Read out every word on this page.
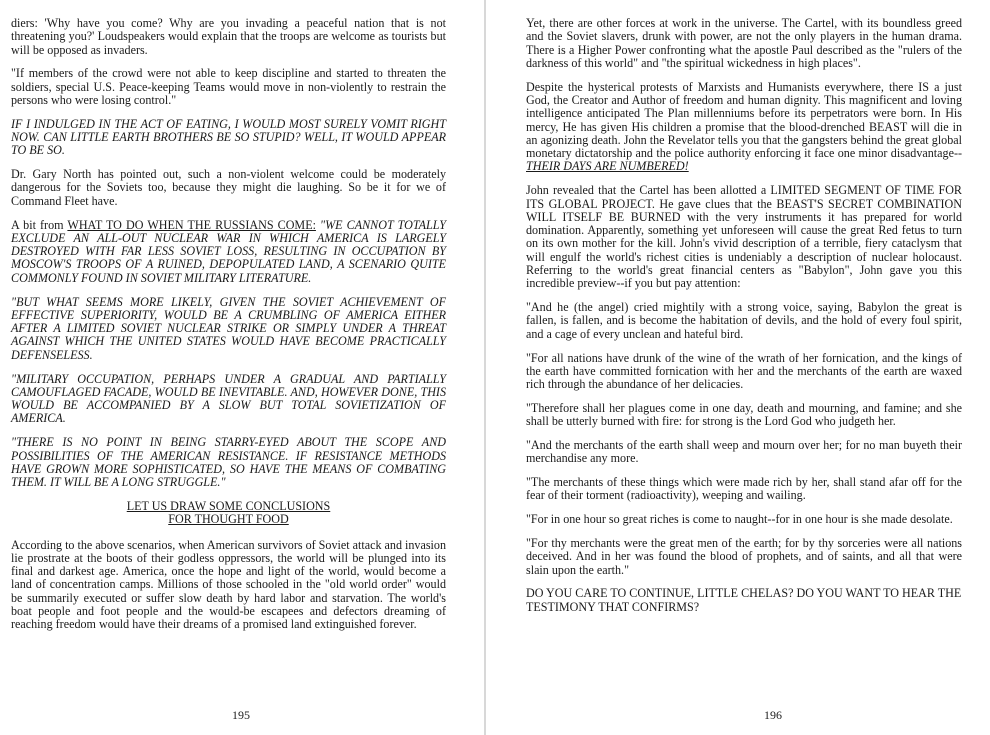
diers: 'Why have you come? Why are you invading a peaceful nation that is not threatening you?' Loudspeakers would explain that the troops are welcome as tourists but will be opposed as invaders.

"If members of the crowd were not able to keep discipline and started to threaten the soldiers, special U.S. Peace-keeping Teams would move in non-violently to restrain the persons who were losing control."

IF I INDULGED IN THE ACT OF EATING, I WOULD MOST SURELY VOMIT RIGHT NOW. CAN LITTLE EARTH BROTHERS BE SO STUPID? WELL, IT WOULD APPEAR TO BE SO.

Dr. Gary North has pointed out, such a non-violent welcome could be moderately dangerous for the Soviets too, because they might die laughing. So be it for we of Command Fleet have.

A bit from WHAT TO DO WHEN THE RUSSIANS COME: "WE CANNOT TOTALLY EXCLUDE AN ALL-OUT NUCLEAR WAR IN WHICH AMERICA IS LARGELY DESTROYED WITH FAR LESS SOVIET LOSS, RESULTING IN OCCUPATION BY MOSCOW'S TROOPS OF A RUINED, DEPOPULATED LAND, A SCENARIO QUITE COMMONLY FOUND IN SOVIET MILITARY LITERATURE.

"BUT WHAT SEEMS MORE LIKELY, GIVEN THE SOVIET ACHIEVEMENT OF EFFECTIVE SUPERIORITY, WOULD BE A CRUMBLING OF AMERICA EITHER AFTER A LIMITED SOVIET NUCLEAR STRIKE OR SIMPLY UNDER A THREAT AGAINST WHICH THE UNITED STATES WOULD HAVE BECOME PRACTICALLY DEFENSELESS.

"MILITARY OCCUPATION, PERHAPS UNDER A GRADUAL AND PARTIALLY CAMOUFLAGED FACADE, WOULD BE INEVITABLE. AND, HOWEVER DONE, THIS WOULD BE ACCOMPANIED BY A SLOW BUT TOTAL SOVIETIZATION OF AMERICA.

"THERE IS NO POINT IN BEING STARRY-EYED ABOUT THE SCOPE AND POSSIBILITIES OF THE AMERICAN RESISTANCE. IF RESISTANCE METHODS HAVE GROWN MORE SOPHISTICATED, SO HAVE THE MEANS OF COMBATING THEM. IT WILL BE A LONG STRUGGLE."

LET US DRAW SOME CONCLUSIONS
FOR THOUGHT FOOD

According to the above scenarios, when American survivors of Soviet attack and invasion lie prostrate at the boots of their godless oppressors, the world will be plunged into its final and darkest age. America, once the hope and light of the world, would become a land of concentration camps. Millions of those schooled in the "old world order" would be summarily executed or suffer slow death by hard labor and starvation. The world's boat people and foot people and the would-be escapees and defectors dreaming of reaching freedom would have their dreams of a promised land extinguished forever.

195

Yet, there are other forces at work in the universe. The Cartel, with its boundless greed and the Soviet slavers, drunk with power, are not the only players in the human drama. There is a Higher Power confronting what the apostle Paul described as the "rulers of the darkness of this world" and "the spiritual wickedness in high places".

Despite the hysterical protests of Marxists and Humanists everywhere, there IS a just God, the Creator and Author of freedom and human dignity. This magnificent and loving intelligence anticipated The Plan millenniums before its perpetrators were born. In His mercy, He has given His children a promise that the blood-drenched BEAST will die in an agonizing death. John the Revelator tells you that the gangsters behind the great global monetary dictatorship and the police authority enforcing it face one minor disadvantage--THEIR DAYS ARE NUMBERED!

John revealed that the Cartel has been allotted a LIMITED SEGMENT OF TIME FOR ITS GLOBAL PROJECT. He gave clues that the BEAST'S SECRET COMBINATION WILL ITSELF BE BURNED with the very instruments it has prepared for world domination. Apparently, something yet unforeseen will cause the great Red fetus to turn on its own mother for the kill. John's vivid description of a terrible, fiery cataclysm that will engulf the world's richest cities is undeniably a description of nuclear holocaust. Referring to the world's great financial centers as "Babylon", John gave you this incredible preview--if you but pay attention:

"And he (the angel) cried mightily with a strong voice, saying, Babylon the great is fallen, is fallen, and is become the habitation of devils, and the hold of every foul spirit, and a cage of every unclean and hateful bird.

"For all nations have drunk of the wine of the wrath of her fornication, and the kings of the earth have committed fornication with her and the merchants of the earth are waxed rich through the abundance of her delicacies.

"Therefore shall her plagues come in one day, death and mourning, and famine; and she shall be utterly burned with fire: for strong is the Lord God who judgeth her.

"And the merchants of the earth shall weep and mourn over her; for no man buyeth their merchandise any more.

"The merchants of these things which were made rich by her, shall stand afar off for the fear of their torment (radioactivity), weeping and wailing.

"For in one hour so great riches is come to naught--for in one hour is she made desolate.

"For thy merchants were the great men of the earth; for by thy sorceries were all nations deceived. And in her was found the blood of prophets, and of saints, and all that were slain upon the earth."

DO YOU CARE TO CONTINUE, LITTLE CHELAS? DO YOU WANT TO HEAR THE TESTIMONY THAT CONFIRMS?

196
